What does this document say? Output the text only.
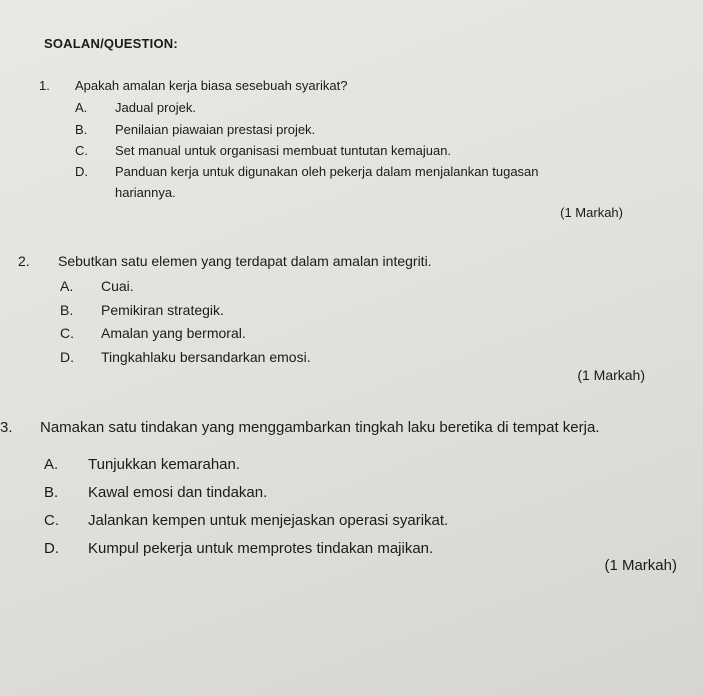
SOALAN/QUESTION:

1. Apakah amalan kerja biasa sesebuah syarikat?
A. Jadual projek.
B. Penilaian piawaian prestasi projek.
C. Set manual untuk organisasi membuat tuntutan kemajuan.
D. Panduan kerja untuk digunakan oleh pekerja dalam menjalankan tugasan
hariannya.
(1 Markah)
2. Sebutkan satu elemen yang terdapat dalam amalan integriti.
A. Cuai.
B. Pemikiran strategik.
C. Amalan yang bermoral.
D. Tingkahlaku bersandarkan emosi.
(1 Markah)
3. Namakan satu tindakan yang menggambarkan tingkah laku beretika di tempat kerja.
A. Tunjukkan kemarahan.
B. Kawal emosi dan tindakan.
C. Jalankan kempen untuk menjejaskan operasi syarikat.
D. Kumpul pekerja untuk memprotes tindakan majikan.
(1 Markah)
